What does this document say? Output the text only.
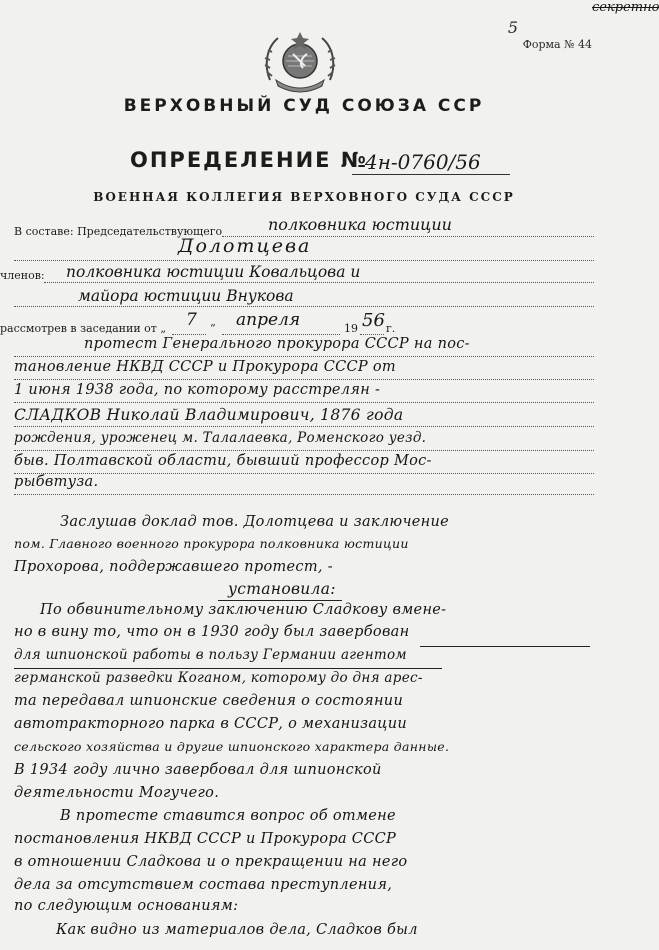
секретно
5
Форма № 44
ВЕРХОВНЫЙ СУД СОЮЗА ССР
ОПРЕДЕЛЕНИЕ №
4н-0760/56
ВОЕННАЯ КОЛЛЕГИЯ ВЕРХОВНОГО СУДА СССР
В составе: Председательствующего	полковника юстиции
Долотцева
членов: полковника юстиции Ковальцова и
майора юстиции Внукова
рассмотрев в заседании от „ 7 “ апреля	19 56 г.
протест Генерального прокурора СССР на пос-
тановление НКВД СССР и Прокурора СССР от
1 июня 1938 года, по которому расстрелян -
СЛАДКОВ Николай Владимирович, 1876 года
рождения, уроженец м. Талалаевка, Роменского уезд.
быв. Полтавской области, бывший профессор Мос-
рыбвтуза.
Заслушав доклад тов. Долотцева и заключение
пом. Главного военного прокурора полковника юстиции
Прохорова, поддержавшего протест, -
установила:
По обвинительному заключению Сладкову вмене-
но в вину то, что он в 1930 году был завербован
для шпионской работы в пользу Германии агентом
германской разведки Коганом, которому до дня арес-
та передавал шпионские сведения о состоянии
автотракторного парка в СССР, о механизации
сельского хозяйства и другие шпионского характера данные.
В 1934 году лично завербовал для шпионской
деятельности Могучего.
В протесте ставится вопрос об отмене
постановления НКВД СССР и Прокурора СССР
в отношении Сладкова и о прекращении на него
дела за отсутствием состава преступления,
по следующим основаниям:
Как видно из материалов дела, Сладков был
